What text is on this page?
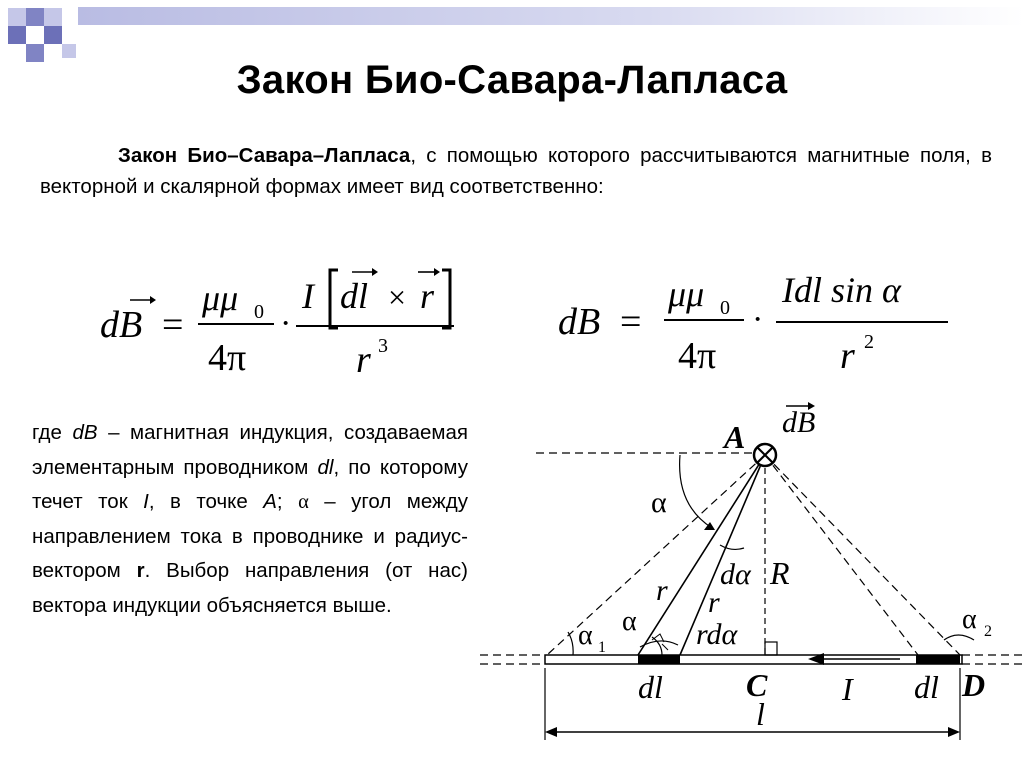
Закон Био-Савара-Лапласа
Закон Био–Савара–Лапласа, с помощью которого рассчитываются магнитные поля, в векторной и скалярной формах имеет вид соответственно:
dB =
μμ 0
4π
·
I dl × r
r 3
dB =
μμ 0
4π
·
Idl sin α
r 2
где dB – магнитная индукция, создаваемая элементарным проводником dl, по которому течет ток I, в точке A; α – угол между направлением тока в проводнике и радиус-вектором r. Выбор направления (от нас) вектора индукции объясняется выше.
A dB
α
dα R
r r
rdα
α 1
α	α 2
dl	C I dl D
l
